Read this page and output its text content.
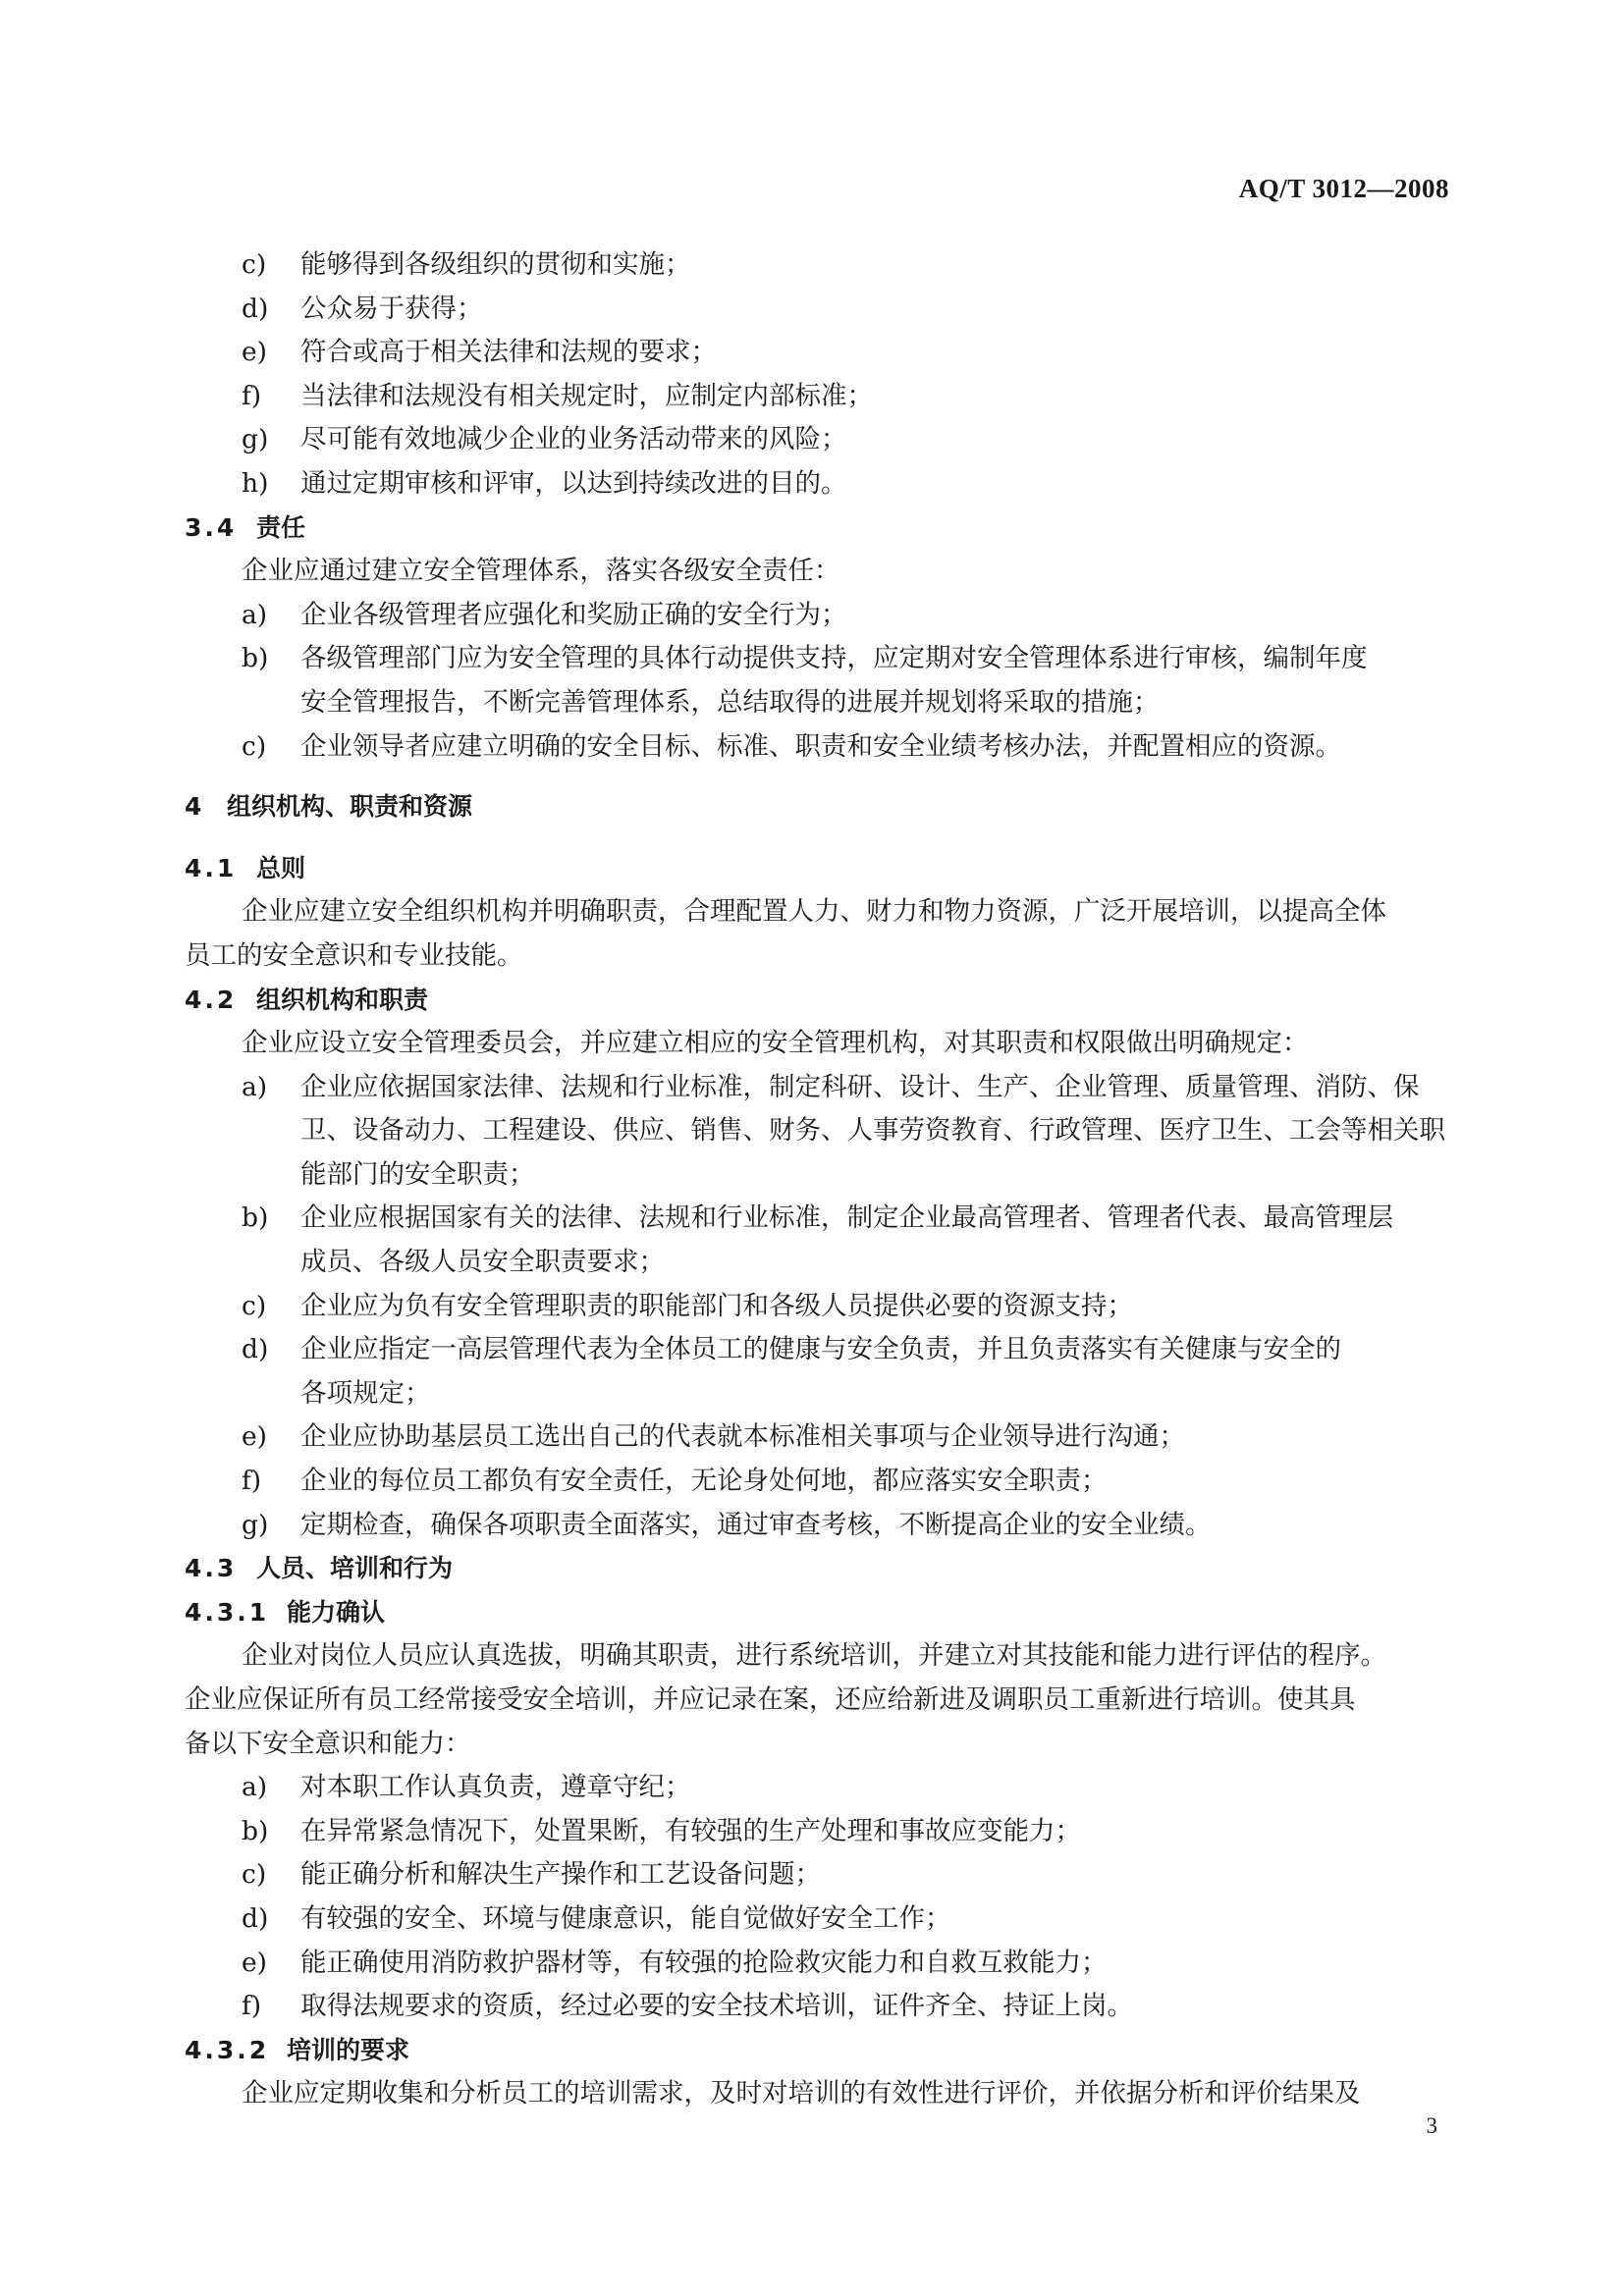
AQ/T 3012—2008
c) 能够得到各级组织的贯彻和实施；
d) 公众易于获得；
e) 符合或高于相关法律和法规的要求；
f) 当法律和法规没有相关规定时，应制定内部标准；
g) 尽可能有效地减少企业的业务活动带来的风险；
h) 通过定期审核和评审，以达到持续改进的目的。
3.4 责任
企业应通过建立安全管理体系，落实各级安全责任：
a) 企业各级管理者应强化和奖励正确的安全行为；
b) 各级管理部门应为安全管理的具体行动提供支持，应定期对安全管理体系进行审核，编制年度
安全管理报告，不断完善管理体系，总结取得的进展并规划将采取的措施；
c) 企业领导者应建立明确的安全目标、标准、职责和安全业绩考核办法，并配置相应的资源。
4 组织机构、职责和资源
4.1 总则
企业应建立安全组织机构并明确职责，合理配置人力、财力和物力资源，广泛开展培训，以提高全体
员工的安全意识和专业技能。
4.2 组织机构和职责
企业应设立安全管理委员会，并应建立相应的安全管理机构，对其职责和权限做出明确规定：
a) 企业应依据国家法律、法规和行业标准，制定科研、设计、生产、企业管理、质量管理、消防、保
卫、设备动力、工程建设、供应、销售、财务、人事劳资教育、行政管理、医疗卫生、工会等相关职
能部门的安全职责；
b) 企业应根据国家有关的法律、法规和行业标准，制定企业最高管理者、管理者代表、最高管理层
成员、各级人员安全职责要求；
c) 企业应为负有安全管理职责的职能部门和各级人员提供必要的资源支持；
d) 企业应指定一高层管理代表为全体员工的健康与安全负责，并且负责落实有关健康与安全的
各项规定；
e) 企业应协助基层员工选出自己的代表就本标准相关事项与企业领导进行沟通；
f) 企业的每位员工都负有安全责任，无论身处何地，都应落实安全职责；
g) 定期检查，确保各项职责全面落实，通过审查考核，不断提高企业的安全业绩。
4.3 人员、培训和行为
4.3.1 能力确认
企业对岗位人员应认真选拔，明确其职责，进行系统培训，并建立对其技能和能力进行评估的程序。
企业应保证所有员工经常接受安全培训，并应记录在案，还应给新进及调职员工重新进行培训。使其具
备以下安全意识和能力：
a) 对本职工作认真负责，遵章守纪；
b) 在异常紧急情况下，处置果断，有较强的生产处理和事故应变能力；
c) 能正确分析和解决生产操作和工艺设备问题；
d) 有较强的安全、环境与健康意识，能自觉做好安全工作；
e) 能正确使用消防救护器材等，有较强的抢险救灾能力和自救互救能力；
f) 取得法规要求的资质，经过必要的安全技术培训，证件齐全、持证上岗。
4.3.2 培训的要求
企业应定期收集和分析员工的培训需求，及时对培训的有效性进行评价，并依据分析和评价结果及
3
